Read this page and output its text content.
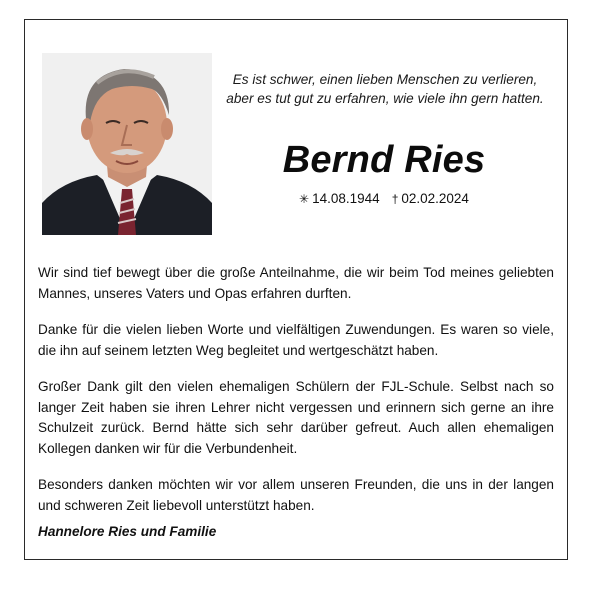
Es ist schwer, einen lieben Menschen zu verlieren,

aber es tut gut zu erfahren, wie viele ihn gern hatten.

Bernd Ries
✳ 14.08.1944 † 02.02.2024

Wir sind tief bewegt über die große Anteilnahme, die wir beim Tod meines geliebten Mannes, unseres Vaters und Opas erfahren durften.

Danke für die vielen lieben Worte und vielfältigen Zuwendungen. Es waren so viele, die ihn auf seinem letzten Weg begleitet und wertgeschätzt haben.

Großer Dank gilt den vielen ehemaligen Schülern der FJL-Schule. Selbst nach so langer Zeit haben sie ihren Lehrer nicht vergessen und erinnern sich gerne an ihre Schulzeit zurück. Bernd hätte sich sehr darüber gefreut. Auch allen ehemaligen Kollegen danken wir für die Verbundenheit.

Besonders danken möchten wir vor allem unseren Freunden, die uns in der langen und schweren Zeit liebevoll unterstützt haben.

Hannelore Ries und Familie
